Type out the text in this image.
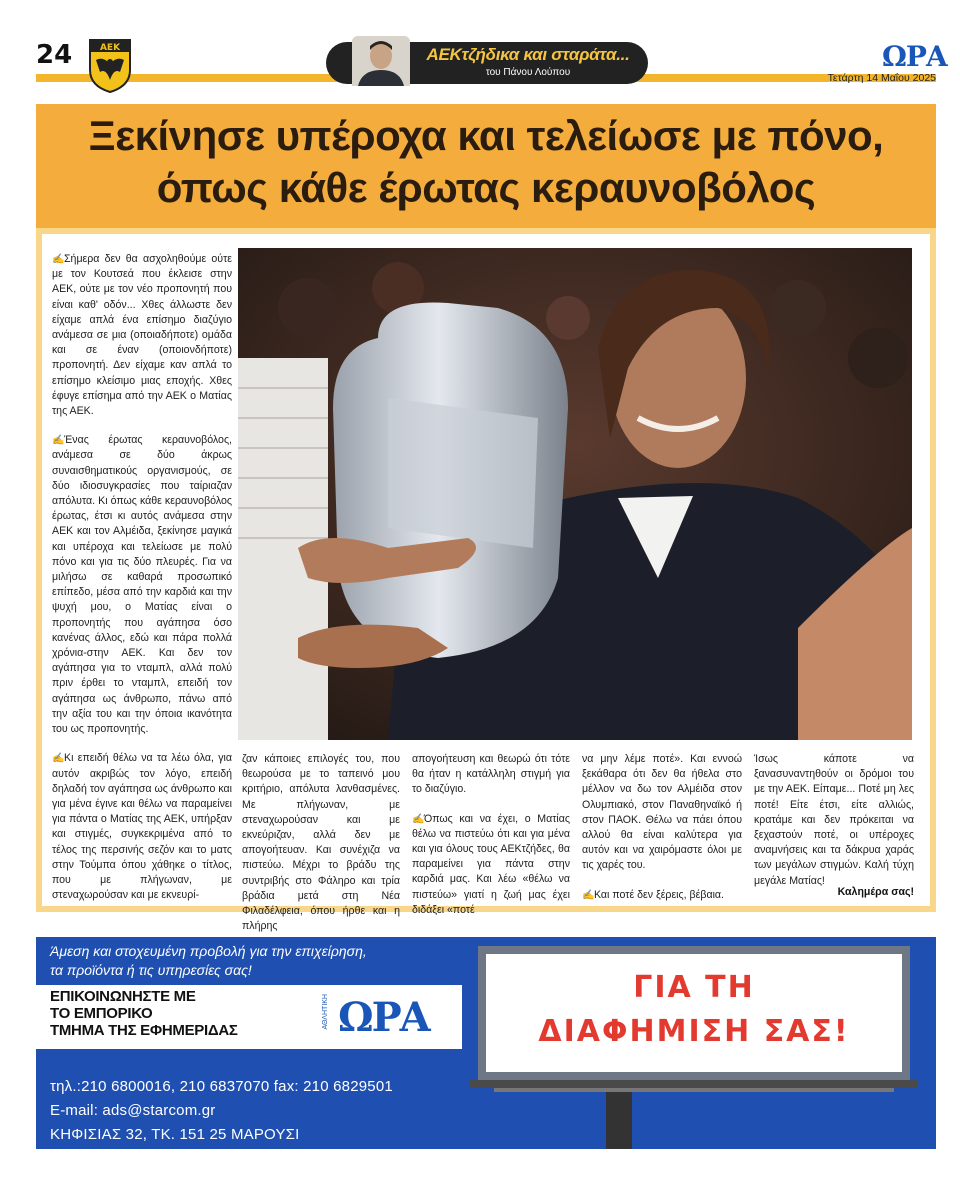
24	ΑΕΚ	ΑΕΚτζήδικα και σταράτα...
του Πάνου Λούπου	ΩΡΑ
Τετάρτη 14 Μαΐου 2025
Ξεκίνησε υπέροχα και τελείωσε με πόνο,
όπως κάθε έρωτας κεραυνοβόλος

✍Σήμερα δεν θα ασχοληθούμε ούτε με τον Κουτσεά που έκλεισε στην ΑΕΚ, ούτε με τον νέο προπονητή που είναι καθ' οδόν... Χθες άλλωστε δεν είχαμε απλά ένα επίσημο διαζύγιο ανάμεσα σε μια (οποιαδήποτε) ομάδα και σε έναν (οποιονδήποτε) προπονητή. Δεν είχαμε καν απλά το επίσημο κλείσιμο μιας εποχής. Χθες έφυγε επίσημα από την ΑΕΚ ο Ματίας της ΑΕΚ.

✍Ένας έρωτας κεραυνοβόλος, ανάμεσα σε δύο άκρως συναισθηματικούς οργανισμούς, σε δύο ιδιοσυγκρασίες που ταίριαζαν απόλυτα. Κι όπως κάθε κεραυνοβόλος έρωτας, έτσι κι αυτός ανάμεσα στην ΑΕΚ και τον Αλμέιδα, ξεκίνησε μαγικά και υπέροχα και τελείωσε με πολύ πόνο και για τις δύο πλευρές. Για να μιλήσω σε καθαρά προσωπικό επίπεδο, μέσα από την καρδιά και την ψυχή μου, ο Ματίας είναι ο προπονητής που αγάπησα όσο κανένας άλλος, εδώ και πάρα πολλά χρόνια-στην ΑΕΚ. Και δεν τον αγάπησα για το νταμπλ, αλλά πολύ πριν έρθει το νταμπλ, επειδή τον αγάπησα ως άνθρωπο, πάνω από την αξία του και την όποια ικανότητα του ως προπονητής.

✍Κι επειδή θέλω να τα λέω όλα, για αυτόν ακριβώς τον λόγο, επειδή δηλαδή τον αγάπησα ως άνθρωπο και για μένα έγινε και θέλω να παραμείνει για πάντα ο Ματίας της ΑΕΚ, υπήρξαν και στιγμές, συγκεκριμένα από το τέλος της περσινής σεζόν και το ματς στην Τούμπα όπου χάθηκε ο τίτλος, που με πλήγωναν, με στεναχωρούσαν και με εκνευρί-

ζαν κάποιες επιλογές του, που θεωρούσα με το ταπεινό μου κριτήριο, απόλυτα λανθασμένες. Με πλήγωναν, με στεναχωρούσαν και με εκνεύριζαν, αλλά δεν με απογοήτευαν. Και συνέχιζα να πιστεύω. Μέχρι το βράδυ της συντριβής στο Φάληρο και τρία βράδια μετά στη Νέα Φιλαδέλφεια, όπου ήρθε και η πλήρης

απογοήτευση και θεωρώ ότι τότε θα ήταν η κατάλληλη στιγμή για το διαζύγιο.

✍Όπως και να έχει, ο Ματίας θέλω να πιστεύω ότι και για μένα και για όλους τους ΑΕΚτζήδες, θα παραμείνει για πάντα στην καρδιά μας. Και λέω «θέλω να πιστεύω» γιατί η ζωή μας έχει διδάξει «ποτέ

να μην λέμε ποτέ». Και εννοώ ξεκάθαρα ότι δεν θα ήθελα στο μέλλον να δω τον Αλμέιδα στον Ολυμπιακό, στον Παναθηναϊκό ή στον ΠΑΟΚ. Θέλω να πάει όπου αλλού θα είναι καλύτερα για αυτόν και να χαιρόμαστε όλοι με τις χαρές του.

✍Και ποτέ δεν ξέρεις, βέβαια.

Ίσως κάποτε να ξανασυναντηθούν οι δρόμοι του με την ΑΕΚ. Είπαμε... Ποτέ μη λες ποτέ! Είτε έτσι, είτε αλλιώς, κρατάμε και δεν πρόκειται να ξεχαστούν ποτέ, οι υπέροχες αναμνήσεις και τα δάκρυα χαράς των μεγάλων στιγμών. Καλή τύχη μεγάλε Ματίας!

Καλημέρα σας!
Άμεση και στοχευμένη προβολή για την επιχείρηση,
τα προϊόντα ή τις υπηρεσίες σας!
ΕΠΙΚΟΙΝΩΝΗΣΤΕ ΜΕ
ΤΟ ΕΜΠΟΡΙΚΟ
ΤΜΗΜΑ ΤΗΣ ΕΦΗΜΕΡΙΔΑΣ
ΑΘΛΗΤΙΚΗ ΩΡΑ
ΓΙΑ ΤΗ
ΔΙΑΦΗΜΙΣΗ ΣΑΣ!
τηλ.:210 6800016, 210 6837070 fax: 210 6829501
E-mail: ads@starcom.gr
ΚΗΦΙΣΙΑΣ 32, ΤΚ. 151 25 ΜΑΡΟΥΣΙ
